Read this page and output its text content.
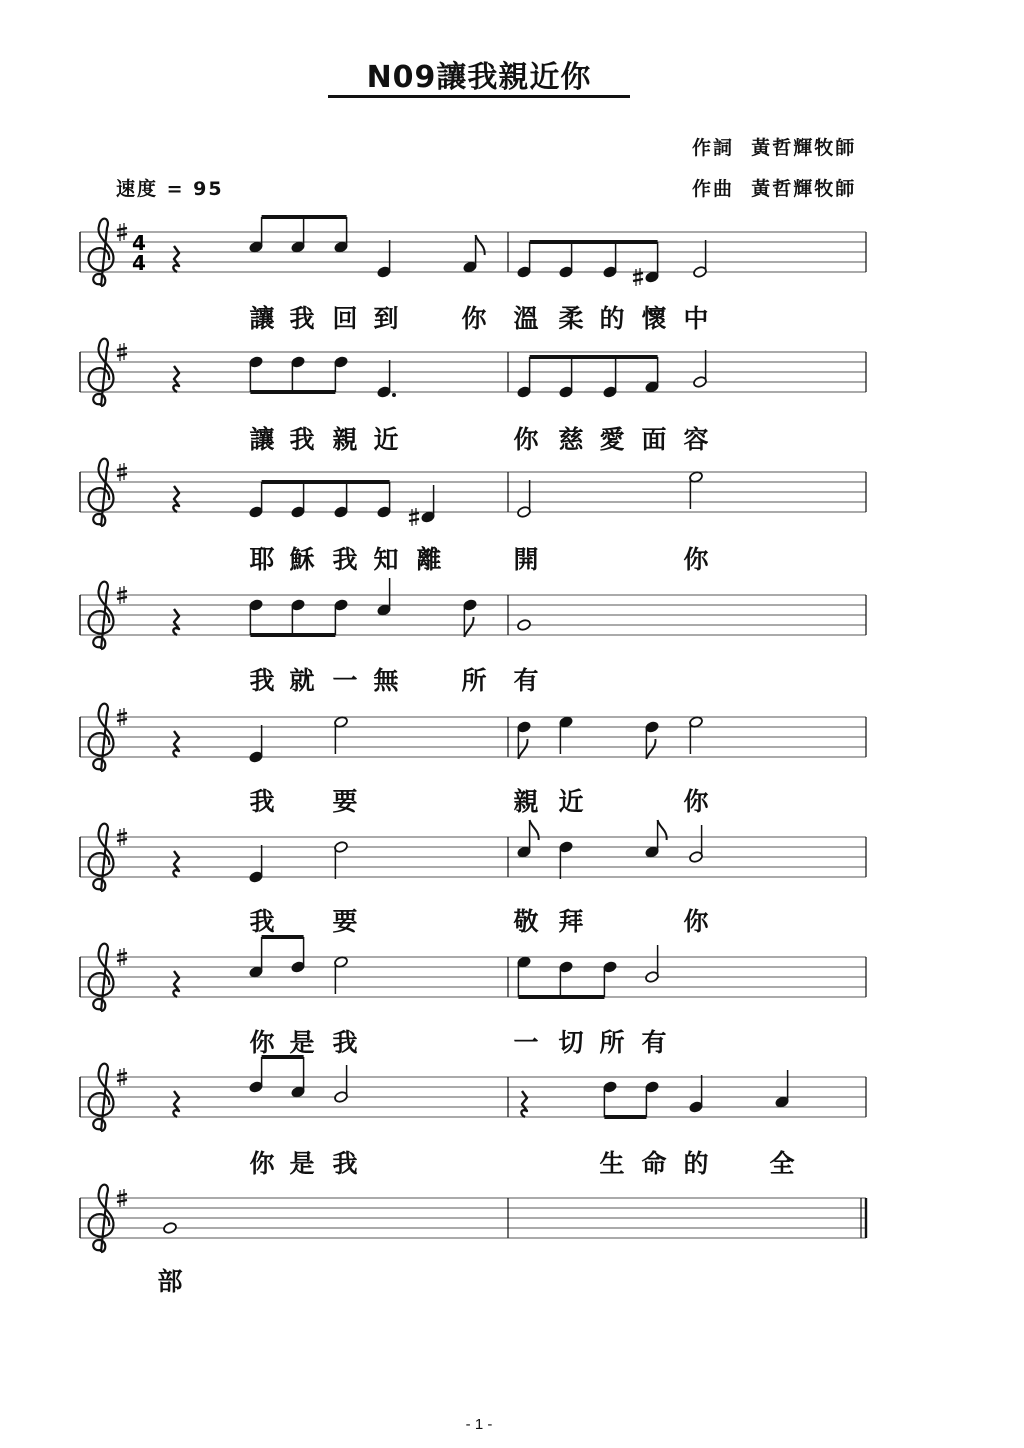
N09讓我親近你
作詞 黃哲輝牧師
作曲 黃哲輝牧師
速度 = 95
4
4
讓 我 回 到	你 溫 柔 的 懷 中
讓 我 親 近	你 慈 愛 面 容
耶 穌 我 知 離	開	你
我 就 一 無	所 有
我 要	親 近	你
我 要	敬 拜	你
你 是 我	一 切 所 有
你 是 我	生 命 的 全
部
- 1 -
